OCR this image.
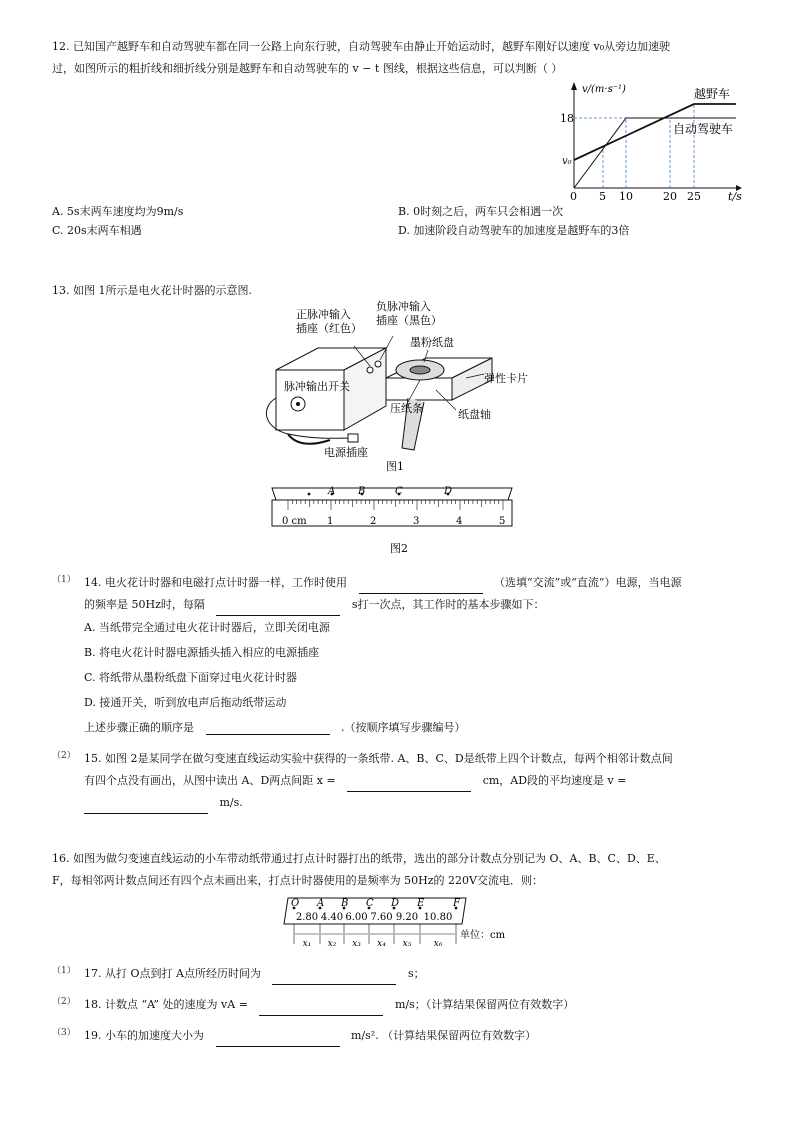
12. 已知国产越野车和自动驾驶车都在同一公路上向东行驶，自动驾驶车由静止开始运动时，越野车刚好以速度 v₀从旁边加速驶
过，如图所示的粗折线和细折线分别是越野车和自动驾驶车的 v − t 图线，根据这些信息，可以判断（ ）
v/(m·s⁻¹)
18
v₀
0 5 10	20 25 t/s
越野车
自动驾驶车
A. 5s末两车速度均为9m/s	B. 0时刻之后，两车只会相遇一次
C. 20s末两车相遇	D. 加速阶段自动驾驶车的加速度是越野车的3倍
13. 如图 1所示是电火花计时器的示意图.
正脉冲输入
插座（红色）
负脉冲输入
插座（黑色）
墨粉纸盘
弹性卡片
脉冲输出开关
压纸条	纸盘轴
电源插座
图1
A B	C	D
0 cm 1	2	3	4	5
图2
（1） 14. 电火花计时器和电磁打点计时器一样，工作时使用	（选填“交流”或“直流”）电源，当电源
的频率是 50Hz时，每隔	s打一次点，其工作时的基本步骤如下：
A. 当纸带完全通过电火花计时器后，立即关闭电源
B. 将电火花计时器电源插头插入相应的电源插座
C. 将纸带从墨粉纸盘下面穿过电火花计时器
D. 接通开关，听到放电声后拖动纸带运动
上述步骤正确的顺序是	.（按顺序填写步骤编号）
（2） 15. 如图 2是某同学在做匀变速直线运动实验中获得的一条纸带. A、B、C、D是纸带上四个计数点，每两个相邻计数点间
有四个点没有画出，从图中读出 A、D两点间距 x =	cm，AD段的平均速度是 v =
m/s.
16. 如图为做匀变速直线运动的小车带动纸带通过打点计时器打出的纸带，选出的部分计数点分别记为 O、A、B、C、D、E、
F，每相邻两计数点间还有四个点未画出来，打点计时器使用的是频率为 50Hz的 220V交流电．则：
O A B C D E	F
2.80
x₁
4.40
x₂
6.00
x₃
7.60
x₄
9.20
x₅
10.80
x₆
单位：cm
（1） 17. 从打 O点到打 A点所经历时间为	s；
（2） 18. 计数点 “A” 处的速度为 vA =	m/s；（计算结果保留两位有效数字）
（3） 19. 小车的加速度大小为	m/s². （计算结果保留两位有效数字）
